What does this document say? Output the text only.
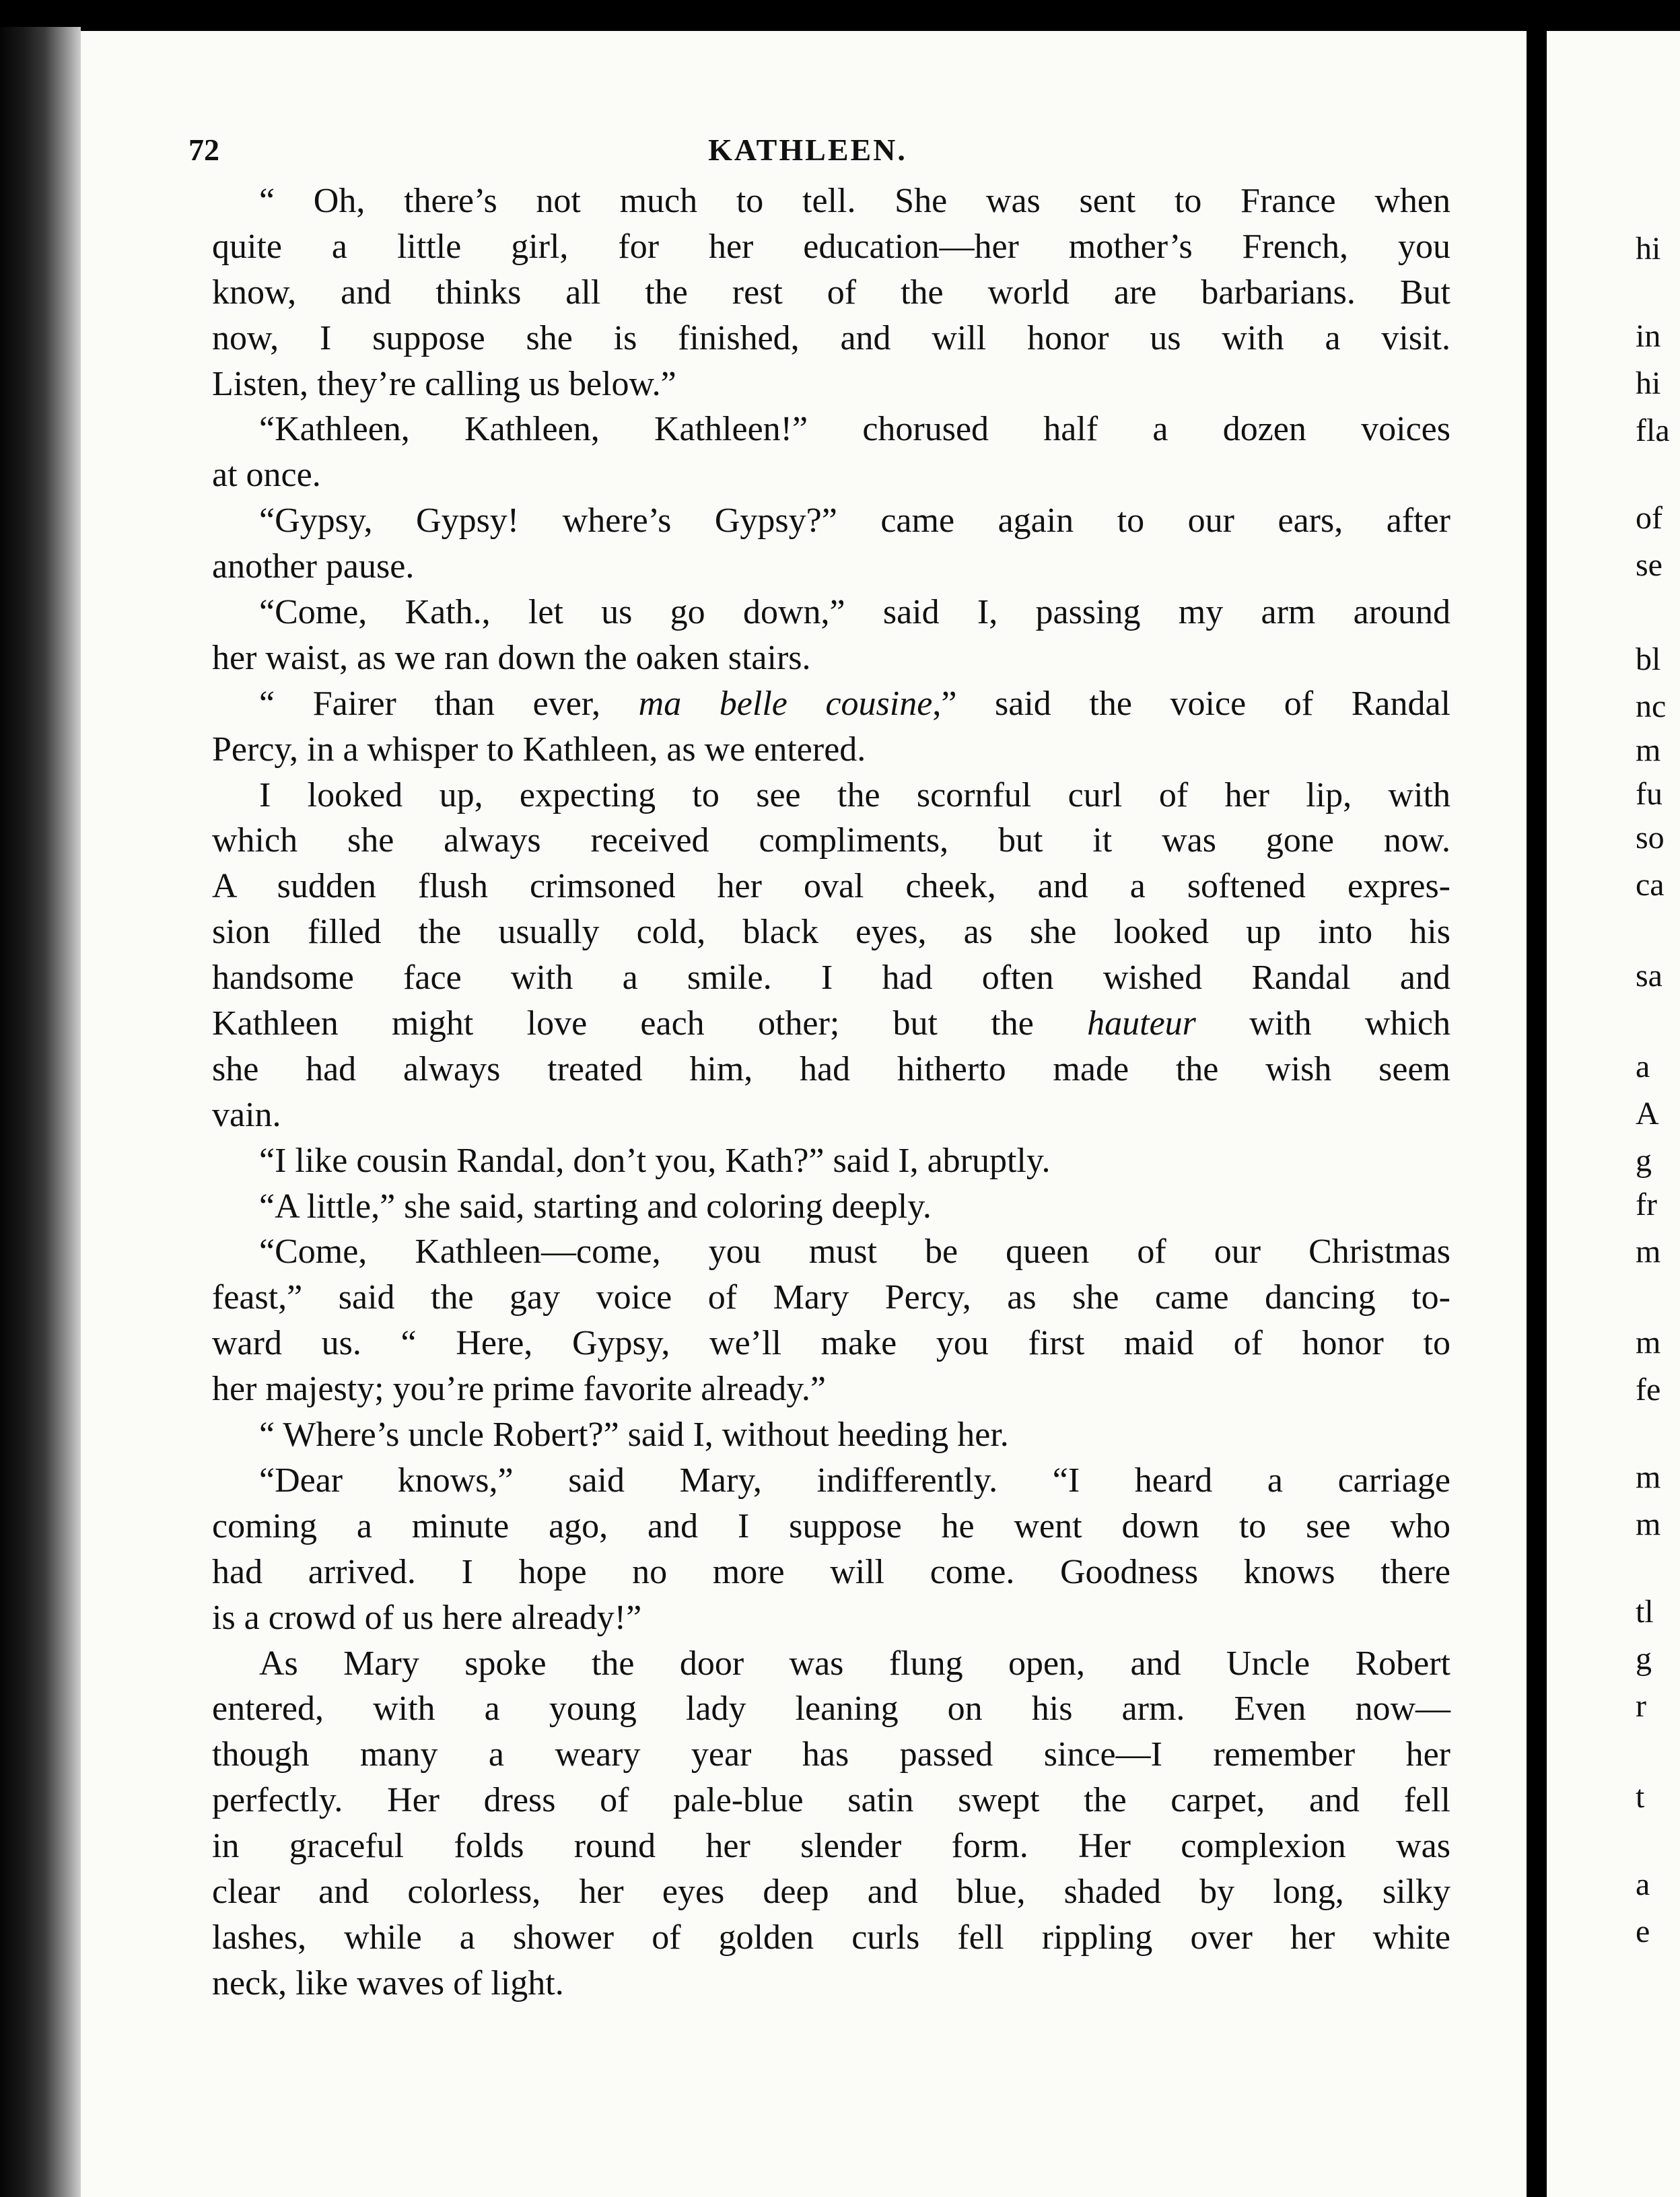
72	KATHLEEN.
“ Oh, there’s not much to tell. She was sent to France when
quite a little girl, for her education—her mother’s French, you
know, and thinks all the rest of the world are barbarians. But
now, I suppose she is finished, and will honor us with a visit.
Listen, they’re calling us below.”
“Kathleen, Kathleen, Kathleen!” chorused half a dozen voices
at once.
“Gypsy, Gypsy! where’s Gypsy?” came again to our ears, after
another pause.
“Come, Kath., let us go down,” said I, passing my arm around
her waist, as we ran down the oaken stairs.
“ Fairer than ever, ma belle cousine,” said the voice of Randal
Percy, in a whisper to Kathleen, as we entered.
I looked up, expecting to see the scornful curl of her lip, with
which she always received compliments, but it was gone now.
A sudden flush crimsoned her oval cheek, and a softened expres-
sion filled the usually cold, black eyes, as she looked up into his
handsome face with a smile. I had often wished Randal and
Kathleen might love each other; but the hauteur with which
she had always treated him, had hitherto made the wish seem
vain.
“I like cousin Randal, don’t you, Kath?” said I, abruptly.
“A little,” she said, starting and coloring deeply.
“Come, Kathleen—come, you must be queen of our Christmas
feast,” said the gay voice of Mary Percy, as she came dancing to-
ward us. “ Here, Gypsy, we’ll make you first maid of honor to
her majesty; you’re prime favorite already.”
“ Where’s uncle Robert?” said I, without heeding her.
“Dear knows,” said Mary, indifferently. “I heard a carriage
coming a minute ago, and I suppose he went down to see who
had arrived. I hope no more will come. Goodness knows there
is a crowd of us here already!”
As Mary spoke the door was flung open, and Uncle Robert
entered, with a young lady leaning on his arm. Even now—
though many a weary year has passed since—I remember her
perfectly. Her dress of pale-blue satin swept the carpet, and fell
in graceful folds round her slender form. Her complexion was
clear and colorless, her eyes deep and blue, shaded by long, silky
lashes, while a shower of golden curls fell rippling over her white
neck, like waves of light.
hi
in
hi
fla
of
se
bl
nc
m
fu
so
ca
sa
a
A
g
fr
m
m
fe
m
m
tl
g
r
t
a
e
